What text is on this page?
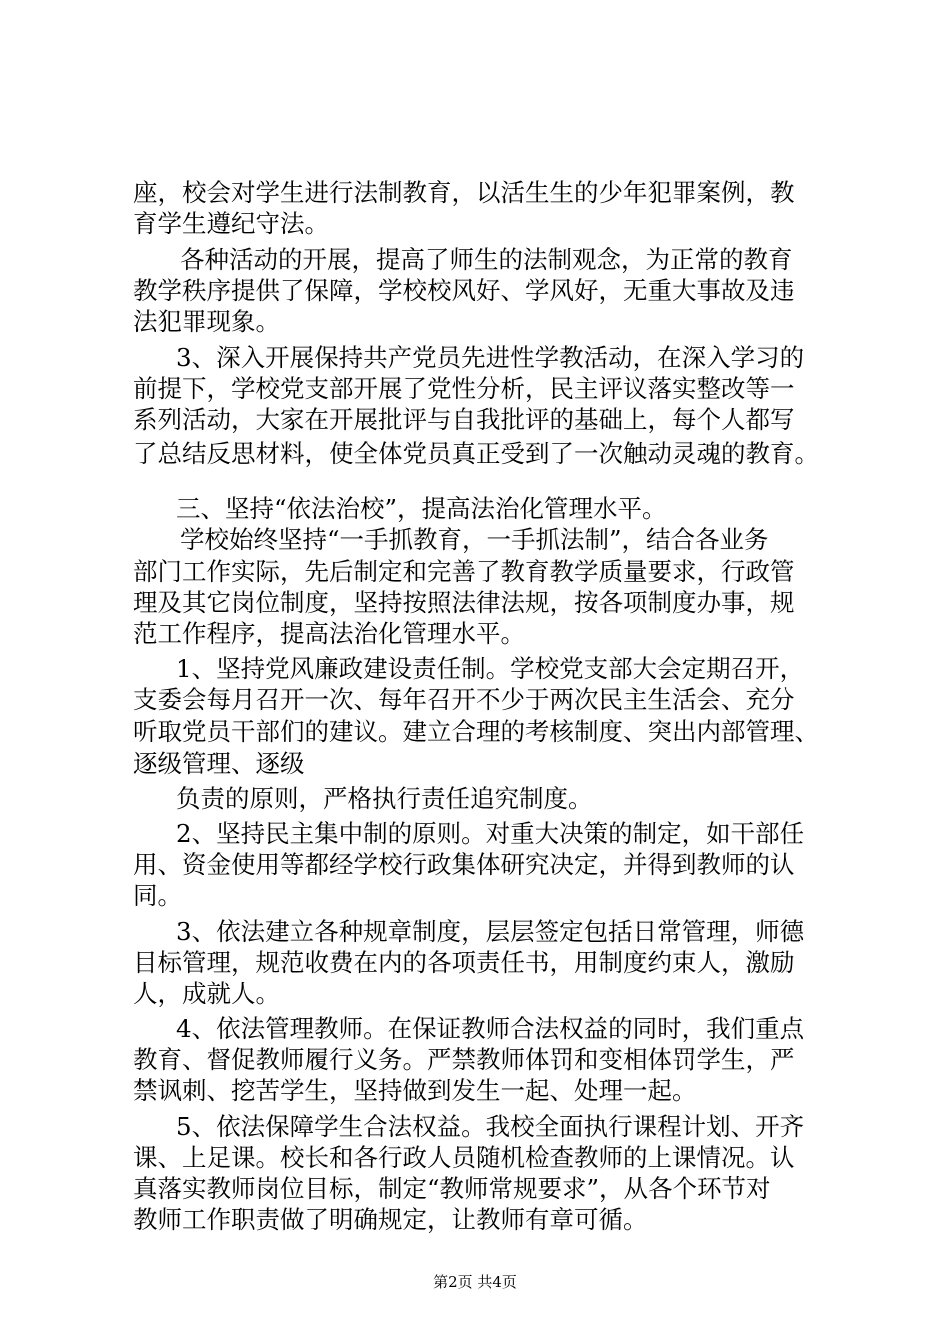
座，校会对学生进行法制教育，以活生生的少年犯罪案例，教

育学生遵纪守法。

各种活动的开展，提高了师生的法制观念，为正常的教育

教学秩序提供了保障，学校校风好、学风好，无重大事故及违

法犯罪现象。

3、深入开展保持共产党员先进性学教活动，在深入学习的

前提下，学校党支部开展了党性分析，民主评议落实整改等一

系列活动，大家在开展批评与自我批评的基础上，每个人都写

了总结反思材料，使全体党员真正受到了一次触动灵魂的教育。

三、坚持“依法治校”，提高法治化管理水平。

学校始终坚持“一手抓教育，一手抓法制”，结合各业务

部门工作实际，先后制定和完善了教育教学质量要求，行政管

理及其它岗位制度，坚持按照法律法规，按各项制度办事，规

范工作程序，提高法治化管理水平。

1、坚持党风廉政建设责任制。学校党支部大会定期召开，

支委会每月召开一次、每年召开不少于两次民主生活会、充分

听取党员干部们的建议。建立合理的考核制度、突出内部管理、

逐级管理、逐级

负责的原则，严格执行责任追究制度。

2、坚持民主集中制的原则。对重大决策的制定，如干部任

用、资金使用等都经学校行政集体研究决定，并得到教师的认

同。

3、依法建立各种规章制度，层层签定包括日常管理，师德

目标管理，规范收费在内的各项责任书，用制度约束人，激励

人，成就人。

4、依法管理教师。在保证教师合法权益的同时，我们重点

教育、督促教师履行义务。严禁教师体罚和变相体罚学生，严

禁讽刺、挖苦学生，坚持做到发生一起、处理一起。

5、依法保障学生合法权益。我校全面执行课程计划、开齐

课、上足课。校长和各行政人员随机检查教师的上课情况。认

真落实教师岗位目标，制定“教师常规要求”，从各个环节对

教师工作职责做了明确规定，让教师有章可循。

第2页 共4页
